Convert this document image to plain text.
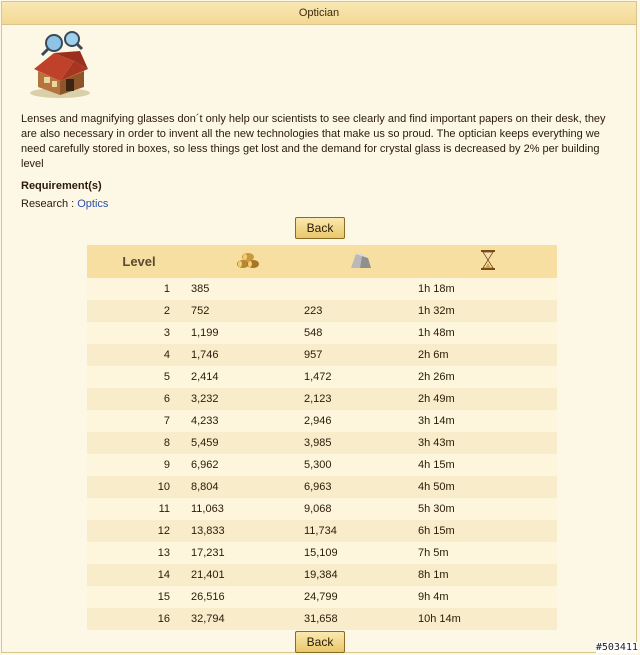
Optician
Lenses and magnifying glasses don´t only help our scientists to see clearly and find important papers on their desk, they are also necessary in order to invent all the new technologies that make us so proud. The optician keeps everything we need carefully stored in boxes, so less things get lost and the demand for crystal glass is decreased by 2% per building level
Requirement(s)
Research : Optics
Back
Level			
1	385		1h 18m
2	752	223	1h 32m
3	1,199	548	1h 48m
4	1,746	957	2h 6m
5	2,414	1,472	2h 26m
6	3,232	2,123	2h 49m
7	4,233	2,946	3h 14m
8	5,459	3,985	3h 43m
9	6,962	5,300	4h 15m
10	8,804	6,963	4h 50m
11	11,063	9,068	5h 30m
12	13,833	11,734	6h 15m
13	17,231	15,109	7h 5m
14	21,401	19,384	8h 1m
15	26,516	24,799	9h 4m
16	32,794	31,658	10h 14m
Back	#503411
